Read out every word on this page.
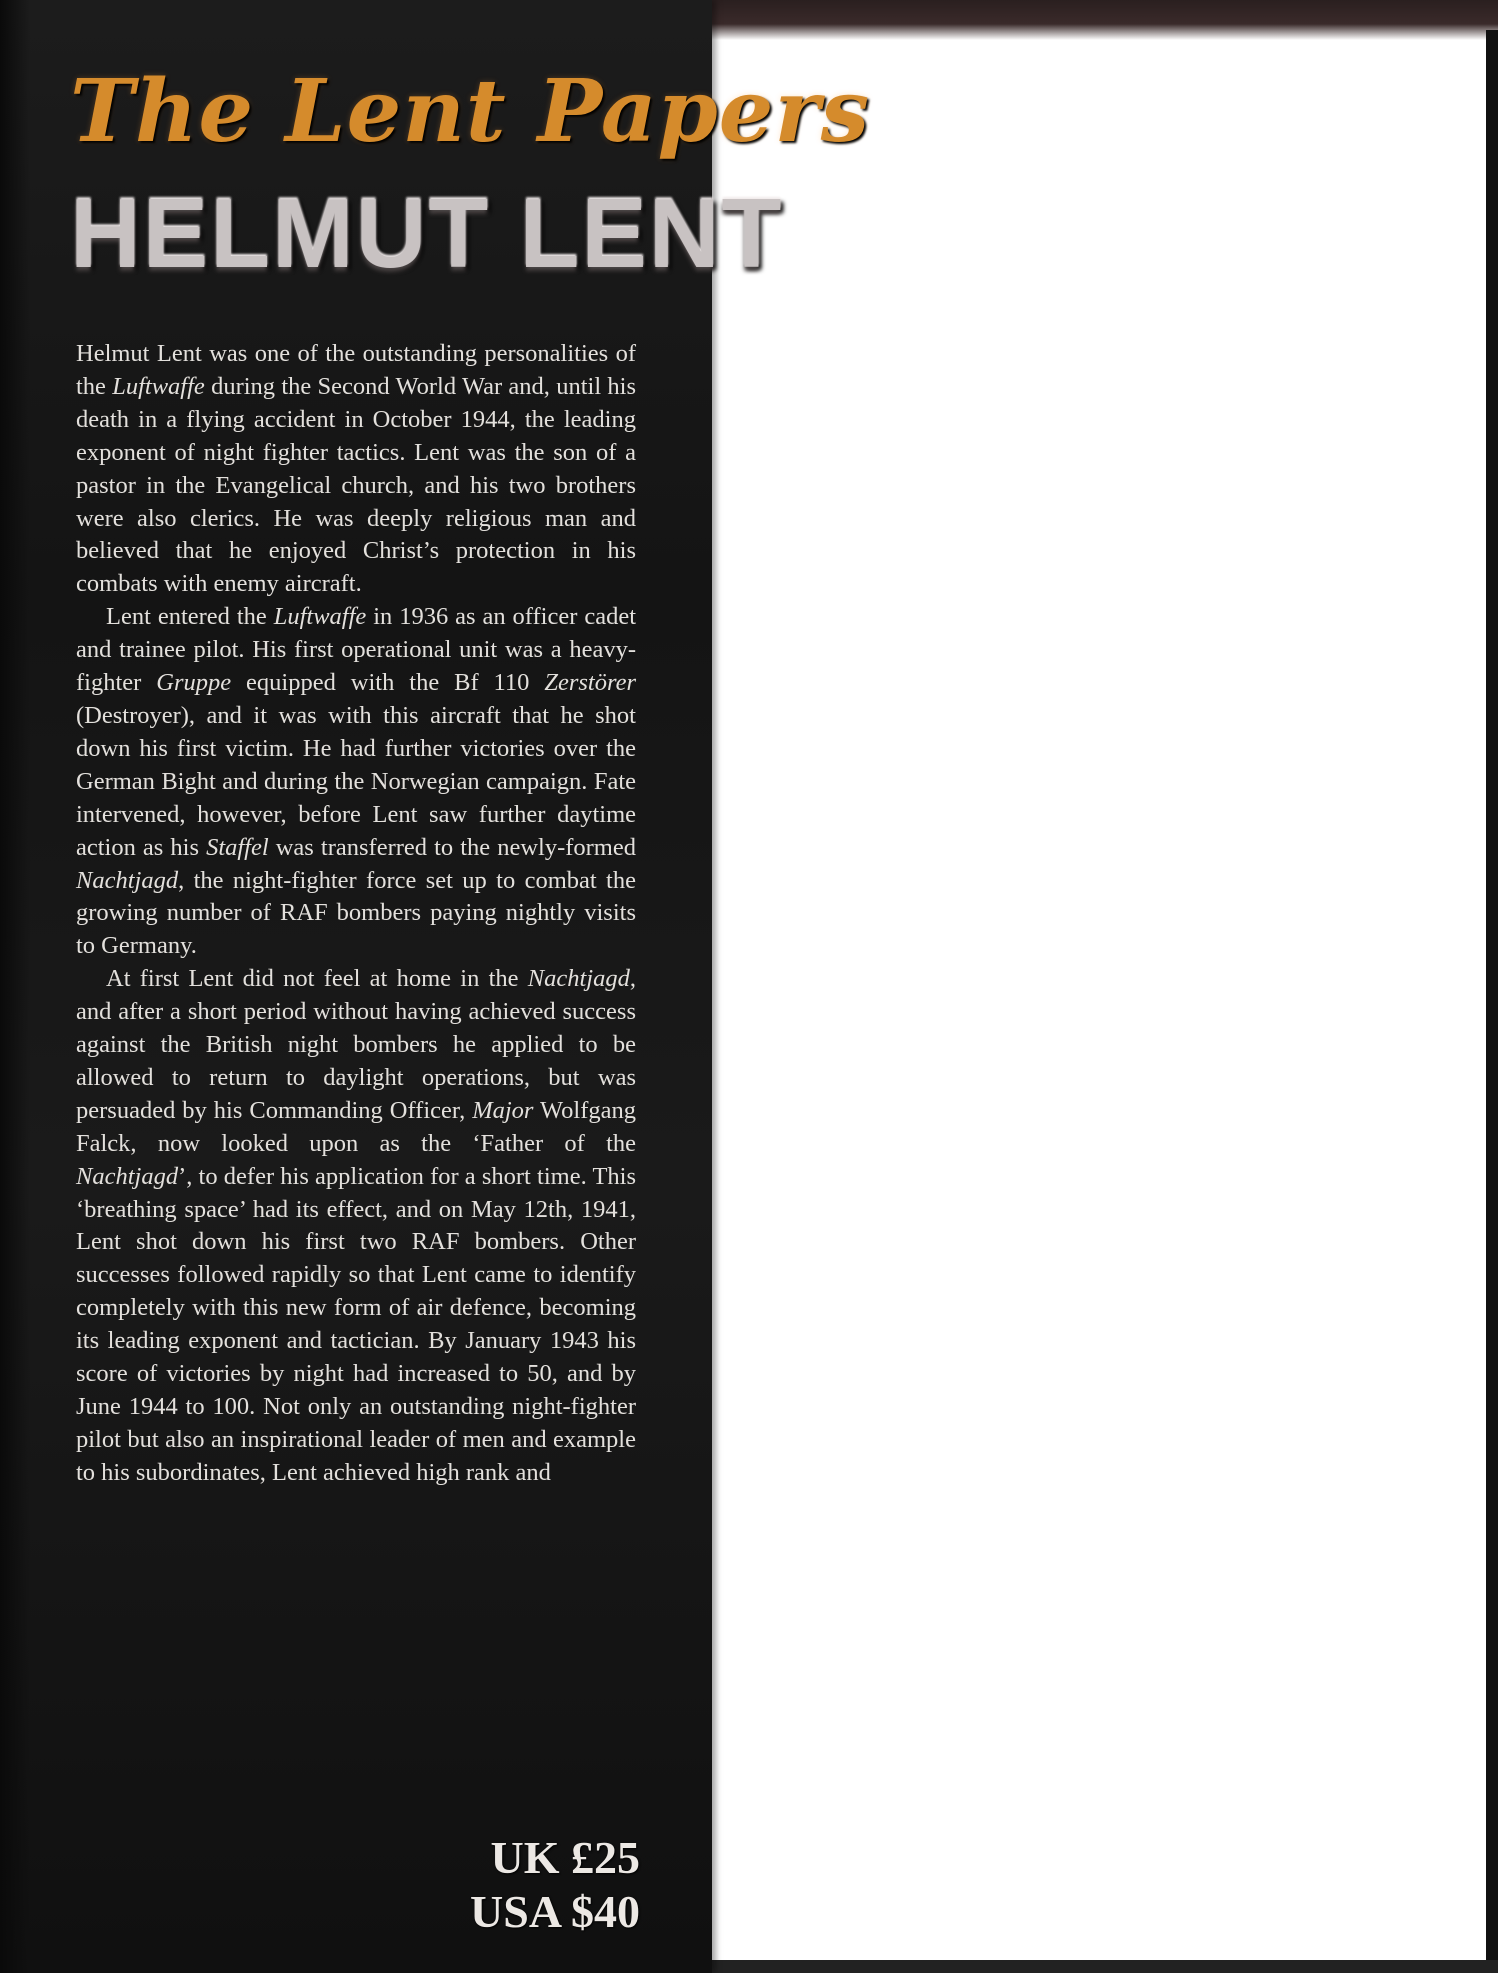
The Lent Papers
HELMUT LENT

Helmut Lent was one of the outstanding personalities of the Luftwaffe during the Second World War and, until his death in a flying accident in October 1944, the leading exponent of night fighter tactics. Lent was the son of a pastor in the Evangelical church, and his two brothers were also clerics. He was deeply religious man and believed that he enjoyed Christ’s protection in his combats with enemy aircraft.

Lent entered the Luftwaffe in 1936 as an officer cadet and trainee pilot. His first operational unit was a heavy-fighter Gruppe equipped with the Bf 110 Zerstörer (Destroyer), and it was with this aircraft that he shot down his first victim. He had further victories over the German Bight and during the Norwegian campaign. Fate intervened, however, before Lent saw further daytime action as his Staffel was transferred to the newly-formed Nachtjagd, the night-fighter force set up to combat the growing number of RAF bombers paying nightly visits to Germany.

At first Lent did not feel at home in the Nachtjagd, and after a short period without having achieved success against the British night bombers he applied to be allowed to return to daylight operations, but was persuaded by his Commanding Officer, Major Wolfgang Falck, now looked upon as the ‘Father of the Nachtjagd’, to defer his application for a short time. This ‘breathing space’ had its effect, and on May 12th, 1941, Lent shot down his first two RAF bombers. Other successes followed rapidly so that Lent came to identify completely with this new form of air defence, becoming its leading exponent and tactician. By January 1943 his score of victories by night had increased to 50, and by June 1944 to 100. Not only an outstanding night-fighter pilot but also an inspirational leader of men and example to his subordinates, Lent achieved high rank and

UK £25
USA $40
